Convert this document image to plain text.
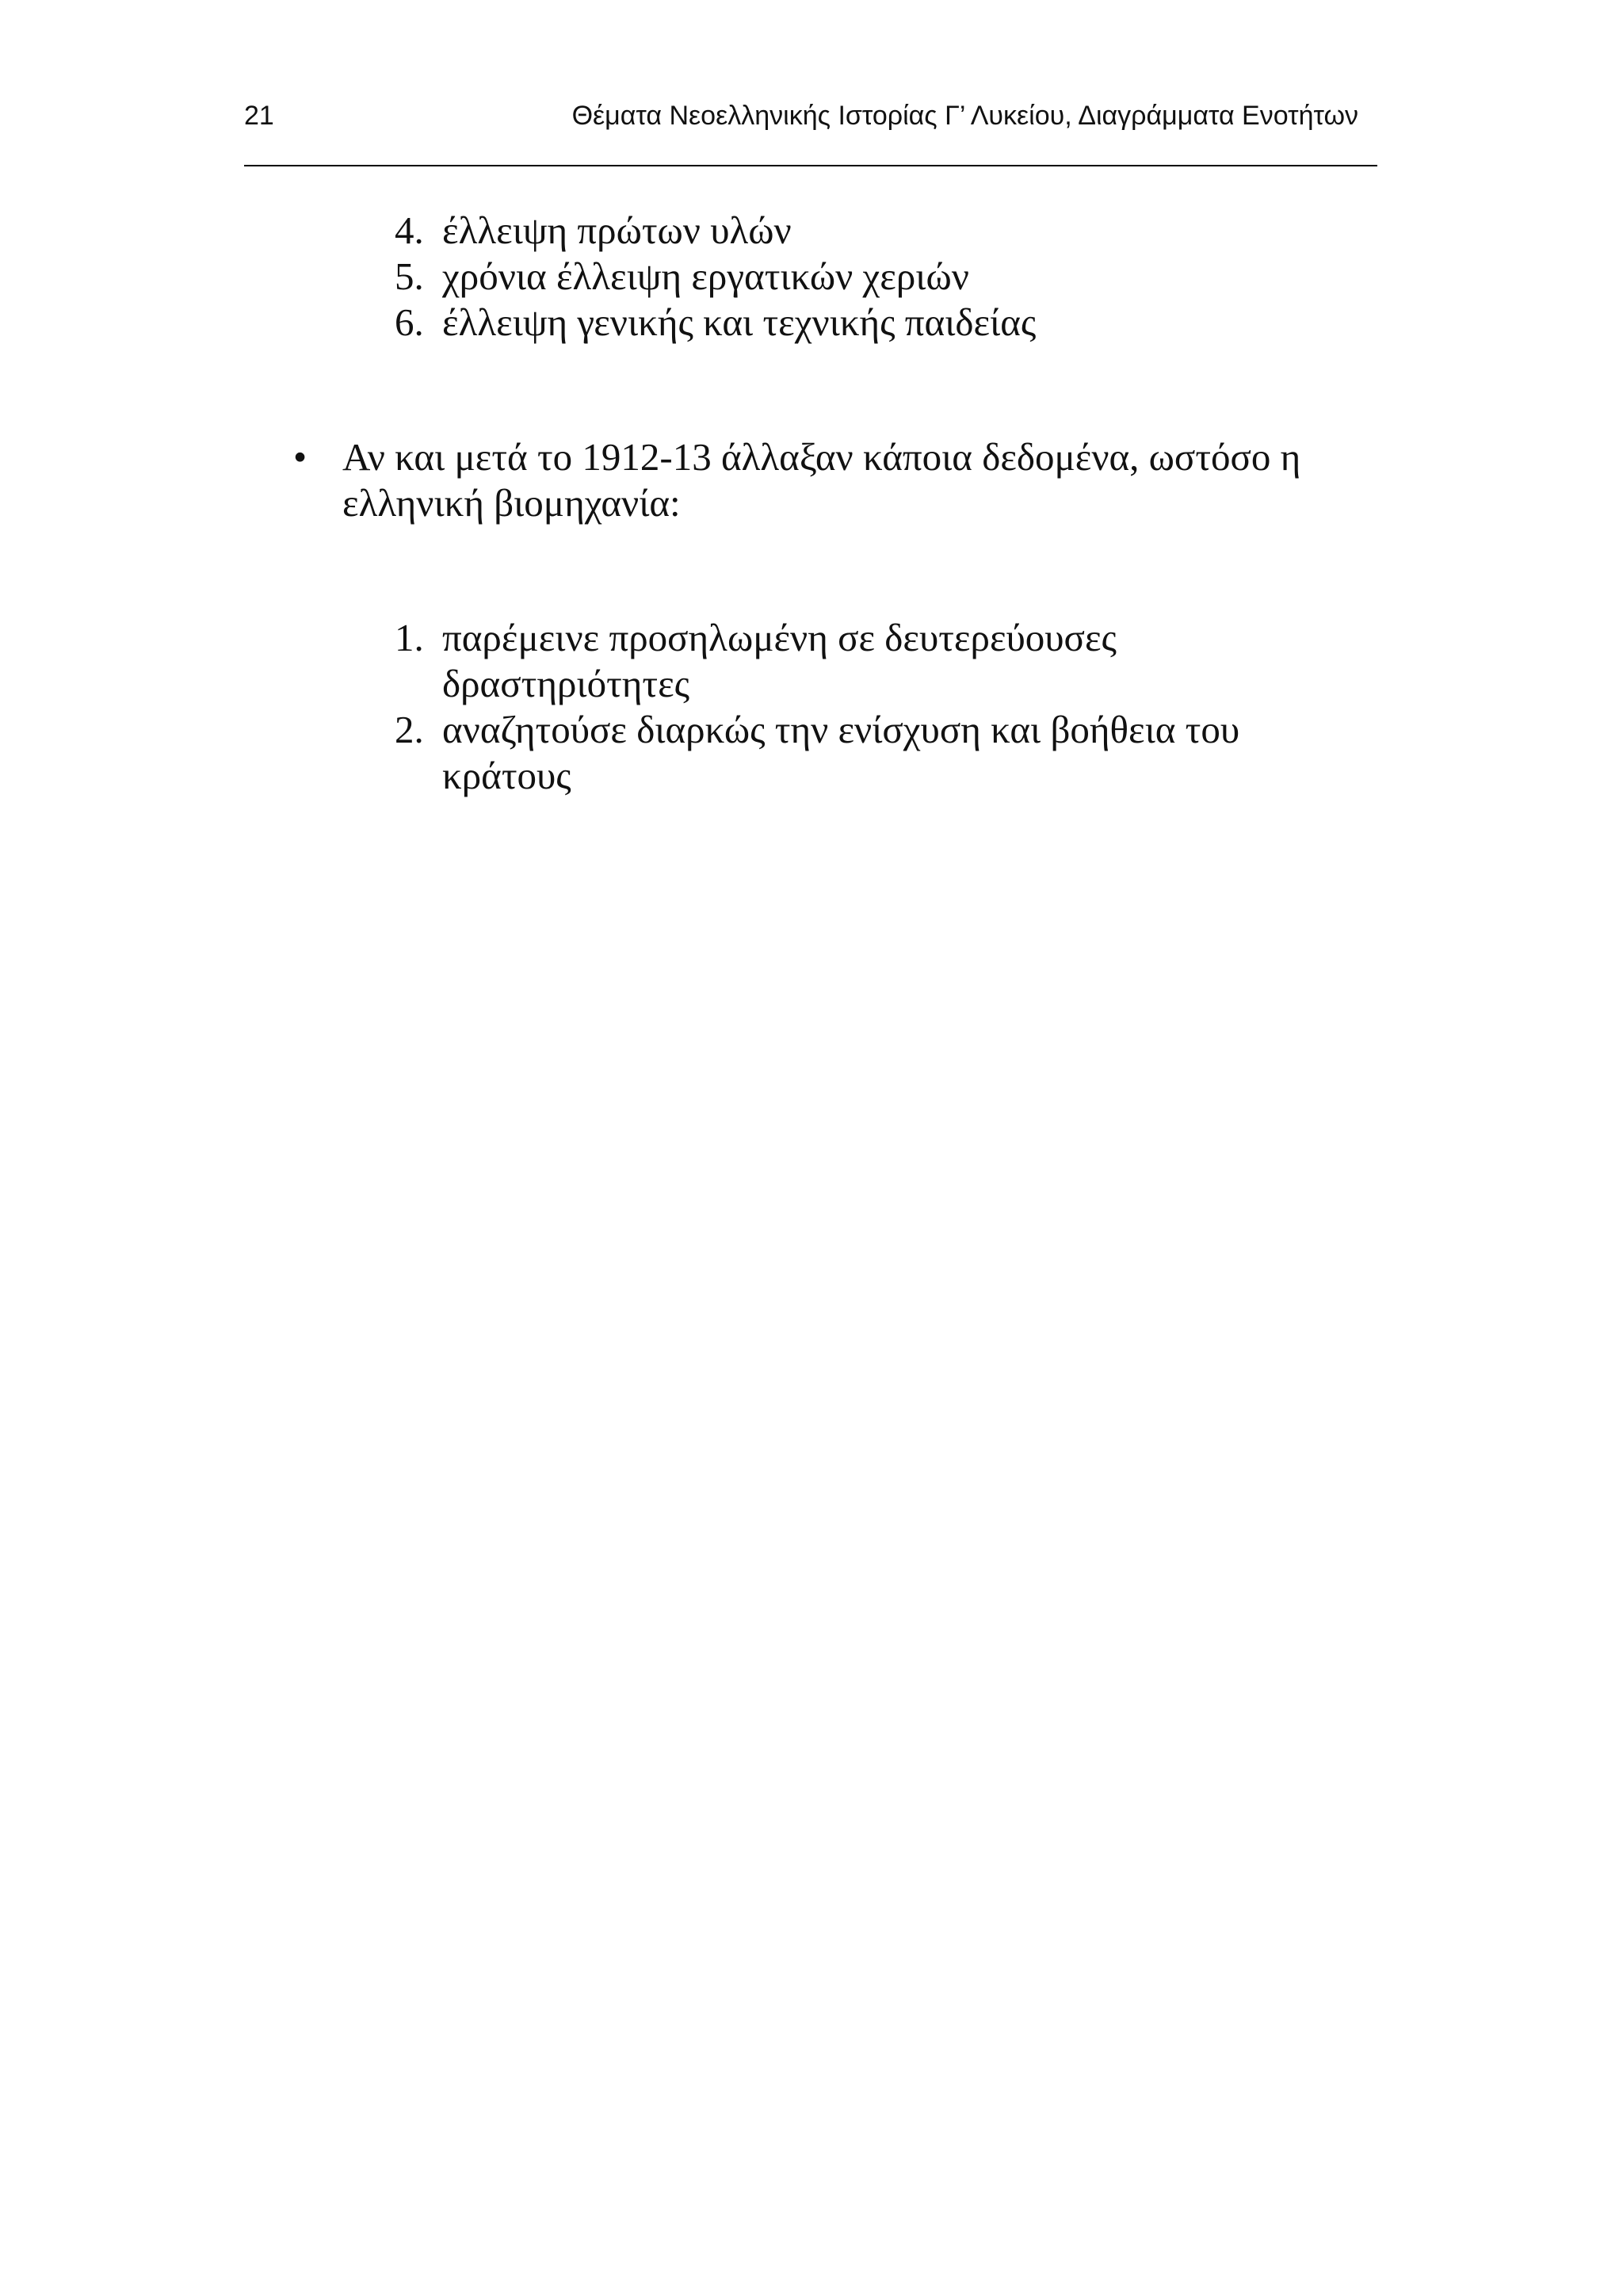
21	Θέματα Νεοελληνικής Ιστορίας Γ’ Λυκείου, Διαγράμματα Ενοτήτων
4. έλλειψη πρώτων υλών
5. χρόνια έλλειψη εργατικών χεριών
6. έλλειψη γενικής και τεχνικής παιδείας
• Αν και μετά το 1912-13 άλλαξαν κάποια δεδομένα, ωστόσο η ελληνική βιομηχανία:
1. παρέμεινε προσηλωμένη σε δευτερεύουσες δραστηριότητες
2. αναζητούσε διαρκώς την ενίσχυση και βοήθεια του κράτους
